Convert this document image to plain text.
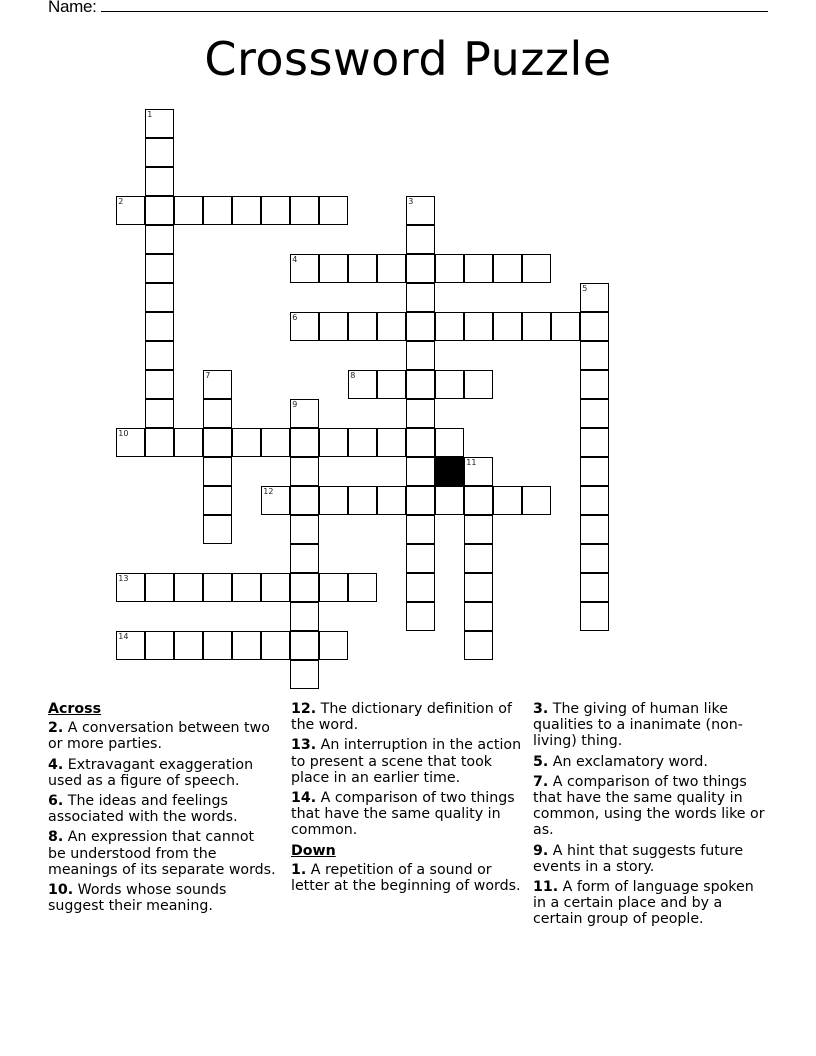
Name:
Crossword Puzzle
1
2	3
4
5
6
7	8
9
10
11
12
13
14
Across
2. A conversation between two or more parties.
4. Extravagant exaggeration used as a figure of speech.
6. The ideas and feelings associated with the words.
8. An expression that cannot be understood from the meanings of its separate words.
10. Words whose sounds suggest their meaning.
12. The dictionary definition of the word.
13. An interruption in the action to present a scene that took place in an earlier time.
14. A comparison of two things that have the same quality in common.
Down
1. A repetition of a sound or letter at the beginning of words.
3. The giving of human like qualities to a inanimate (non-living) thing.
5. An exclamatory word.
7. A comparison of two things that have the same quality in common, using the words like or as.
9. A hint that suggests future events in a story.
11. A form of language spoken in a certain place and by a certain group of people.
